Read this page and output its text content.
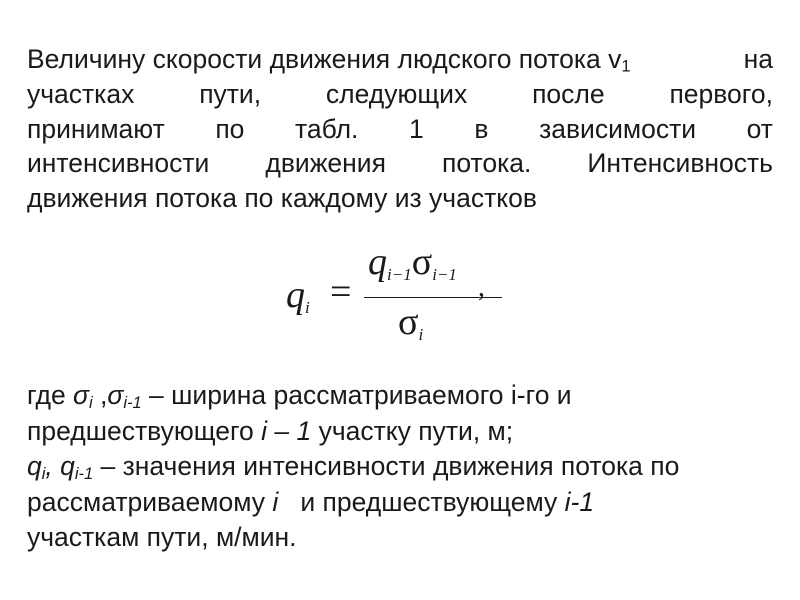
Величину скорости движения людского потока $v_1$	на
участках пути, следующих после первого,
принимают по табл. 1 в зависимости от
интенсивности движения потока. Интенсивность
движения потока по каждому из участков
$q_i$ =
$q_{i-1}\sigma_{i-1}$
$\sigma_i$
,
где $\sigma_i$ $,\sigma_{i-1}$ – ширина рассматриваемого i-го и
предшествующего i – 1 участку пути, м;
$q_i$, $q_{i-1}$ – значения интенсивности движения потока по
рассматриваемому i   и предшествующему i-1
участкам пути, м/мин.
